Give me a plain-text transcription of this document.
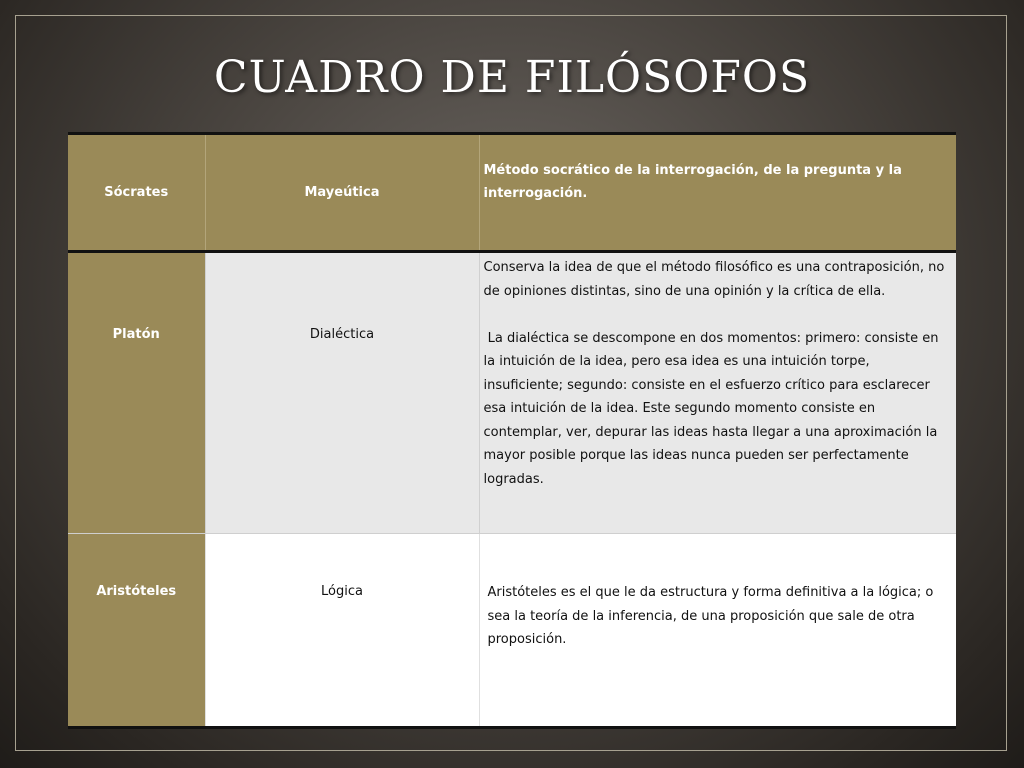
CUADRO DE FILÓSOFOS
Sócrates	Mayeútica	Método socrático de la interrogación, de la pregunta y la interrogación.

Platón	Dialéctica	Conserva la idea de que el método filosófico es una contraposición, no de opiniones distintas, sino de una opinión y la crítica de ella.

La dialéctica se descompone en dos momentos: primero: consiste en la intuición de la idea, pero esa idea es una intuición torpe, insuficiente; segundo: consiste en el esfuerzo crítico para esclarecer esa intuición de la idea. Este segundo momento consiste en contemplar, ver, depurar las ideas hasta llegar a una aproximación la mayor posible porque las ideas nunca pueden ser perfectamente logradas.

Aristóteles	Lógica	Aristóteles es el que le da estructura y forma definitiva a la lógica; o sea la teoría de la inferencia, de una proposición que sale de otra proposición.
